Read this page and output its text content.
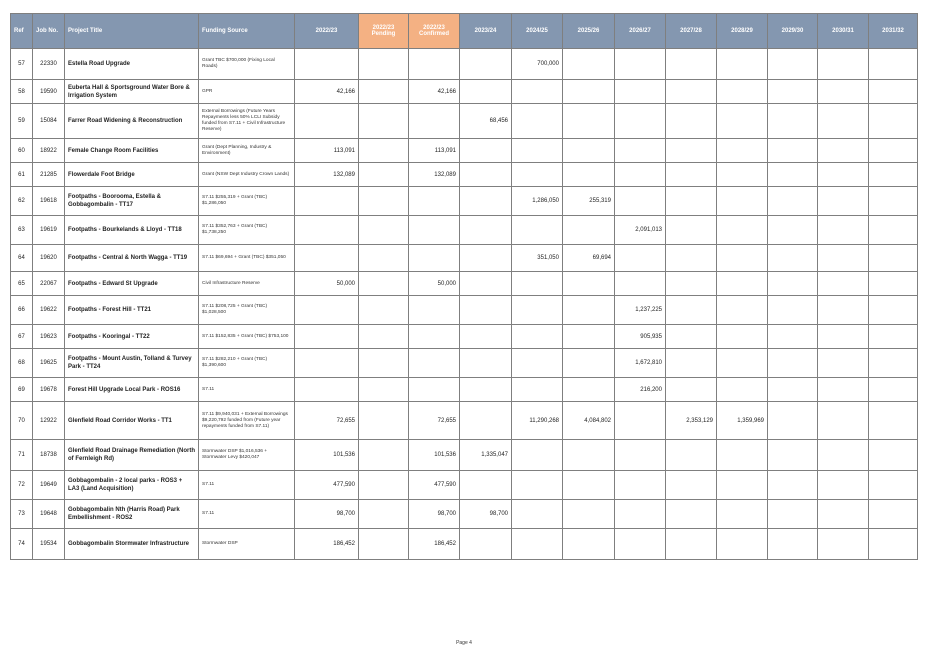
Ref	Job No.	Project Title	Funding Source	2022/23	2022/23 Pending	2022/23 Confirmed	2023/24	2024/25	2025/26	2026/27	2027/28	2028/29	2029/30	2030/31	2031/32
57	22330	Estella Road Upgrade	Grant TBC $700,000 (Fixing Local Roads)					700,000							
58	19590	Euberta Hall & Sportsground Water Bore & Irrigation System	GPR	42,166		42,166									
59	15084	Farrer Road Widening & Reconstruction	External Borrowings (Future Years Repayments less 50% LCLI Subsidy funded from S7.11 + Civil Infrastructure Reserve)				68,456								
60	18922	Female Change Room Facilities	Grant (Dept Planning, Industry & Environment)	113,091		113,091									
61	21285	Flowerdale Foot Bridge	Grant (NSW Dept Industry Crown Lands)	132,089		132,089									
62	19618	Footpaths - Boorooma, Estella & Gobbagombalin - TT17	S7.11 $255,319 + Grant (TBC) $1,286,050					1,286,050	255,319						
63	19619	Footpaths - Bourkelands & Lloyd - TT18	S7.11 $352,763 + Grant (TBC) $1,738,250							2,091,013					
64	19620	Footpaths - Central & North Wagga - TT19	S7.11 $69,694 + Grant (TBC) $351,050					351,050	69,694						
65	22067	Footpaths - Edward St Upgrade	Civil Infrastructure Reserve	50,000		50,000									
66	19622	Footpaths - Forest Hill - TT21	S7.11 $208,725 + Grant (TBC) $1,028,500							1,237,225					
67	19623	Footpaths - Kooringal - TT22	S7.11 $152,835 + Grant (TBC) $753,100							905,935					
68	19625	Footpaths - Mount Austin, Tolland & Turvey Park - TT24	S7.11 $282,210 + Grant (TBC) $1,390,600							1,672,810					
69	19678	Forest Hill Upgrade Local Park - ROS16	S7.11							216,200					
70	12922	Glenfield Road Corridor Works - TT1	S7.11 $9,940,031 + External Borrowings $9,220,792 funded from (Future year repayments funded from S7.11)	72,655		72,655		11,290,268	4,084,802		2,353,129	1,359,969			
71	18738	Glenfield Road Drainage Remediation (North of Fernleigh Rd)	Stormwater DSP $1,016,536 + Stormwater Levy $420,047	101,536		101,536	1,335,047								
72	19649	Gobbagombalin - 2 local parks - ROS3 + LA3 (Land Acquisition)	S7.11	477,590		477,590									
73	19648	Gobbagombalin Nth (Harris Road) Park Embellishment - ROS2	S7.11	98,700		98,700	98,700								
74	19534	Gobbagombalin Stormwater Infrastructure	Stormwater DSP	186,452		186,452									
Page 4
